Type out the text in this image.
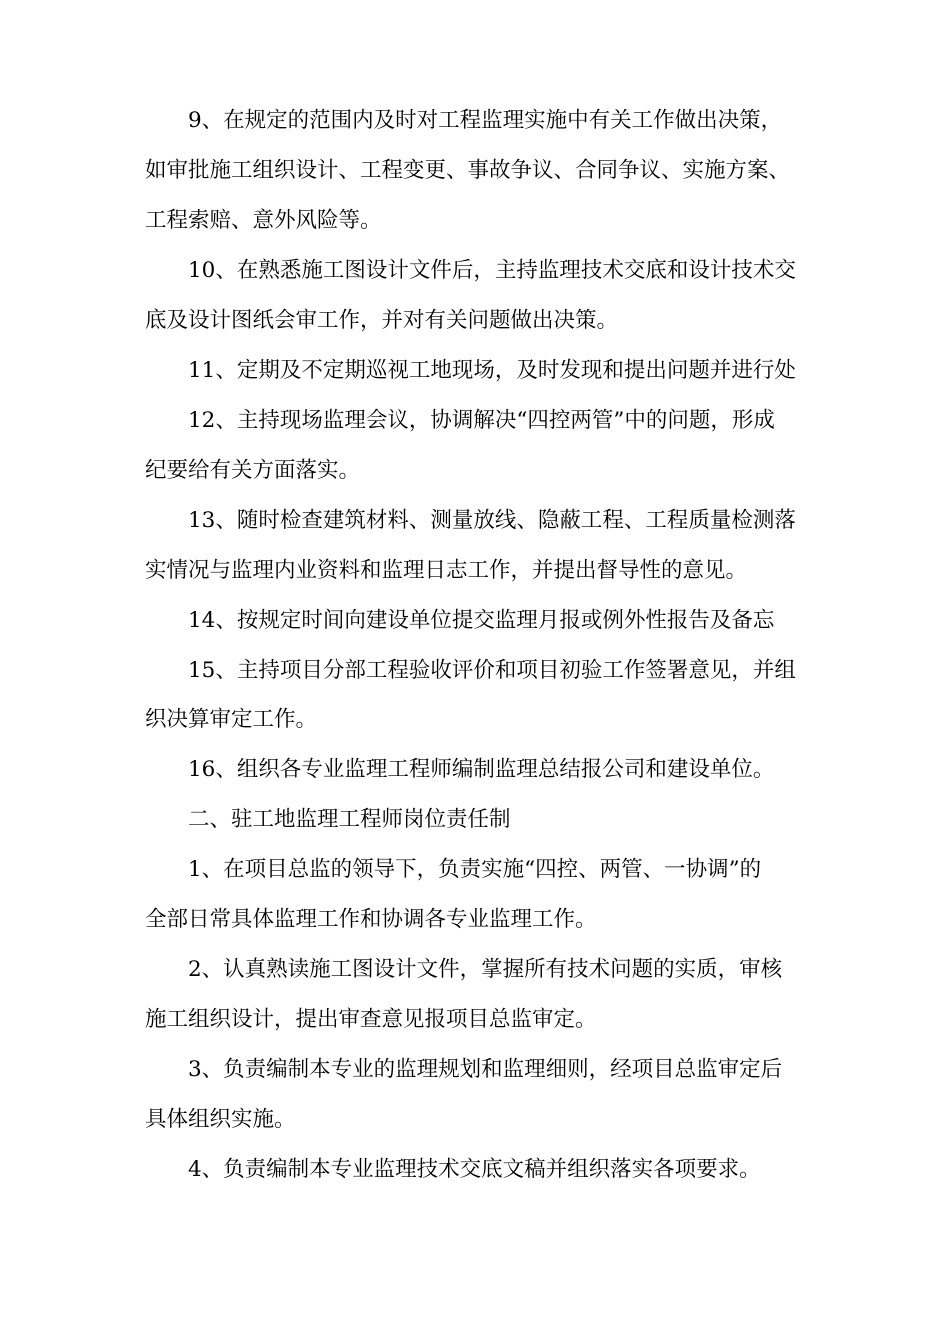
9、在规定的范围内及时对工程监理实施中有关工作做出决策，
如审批施工组织设计、工程变更、事故争议、合同争议、实施方案、
工程索赔、意外风险等。
10、在熟悉施工图设计文件后，主持监理技术交底和设计技术交
底及设计图纸会审工作，并对有关问题做出决策。
11、定期及不定期巡视工地现场，及时发现和提出问题并进行处
12、主持现场监理会议，协调解决“四控两管”中的问题，形成
纪要给有关方面落实。
13、随时检查建筑材料、测量放线、隐蔽工程、工程质量检测落
实情况与监理内业资料和监理日志工作，并提出督导性的意见。
14、按规定时间向建设单位提交监理月报或例外性报告及备忘
15、主持项目分部工程验收评价和项目初验工作签署意见，并组
织决算审定工作。
16、组织各专业监理工程师编制监理总结报公司和建设单位。
二、驻工地监理工程师岗位责任制
1、在项目总监的领导下，负责实施“四控、两管、一协调”的
全部日常具体监理工作和协调各专业监理工作。
2、认真熟读施工图设计文件，掌握所有技术问题的实质，审核
施工组织设计，提出审查意见报项目总监审定。
3、负责编制本专业的监理规划和监理细则，经项目总监审定后
具体组织实施。
4、负责编制本专业监理技术交底文稿并组织落实各项要求。
